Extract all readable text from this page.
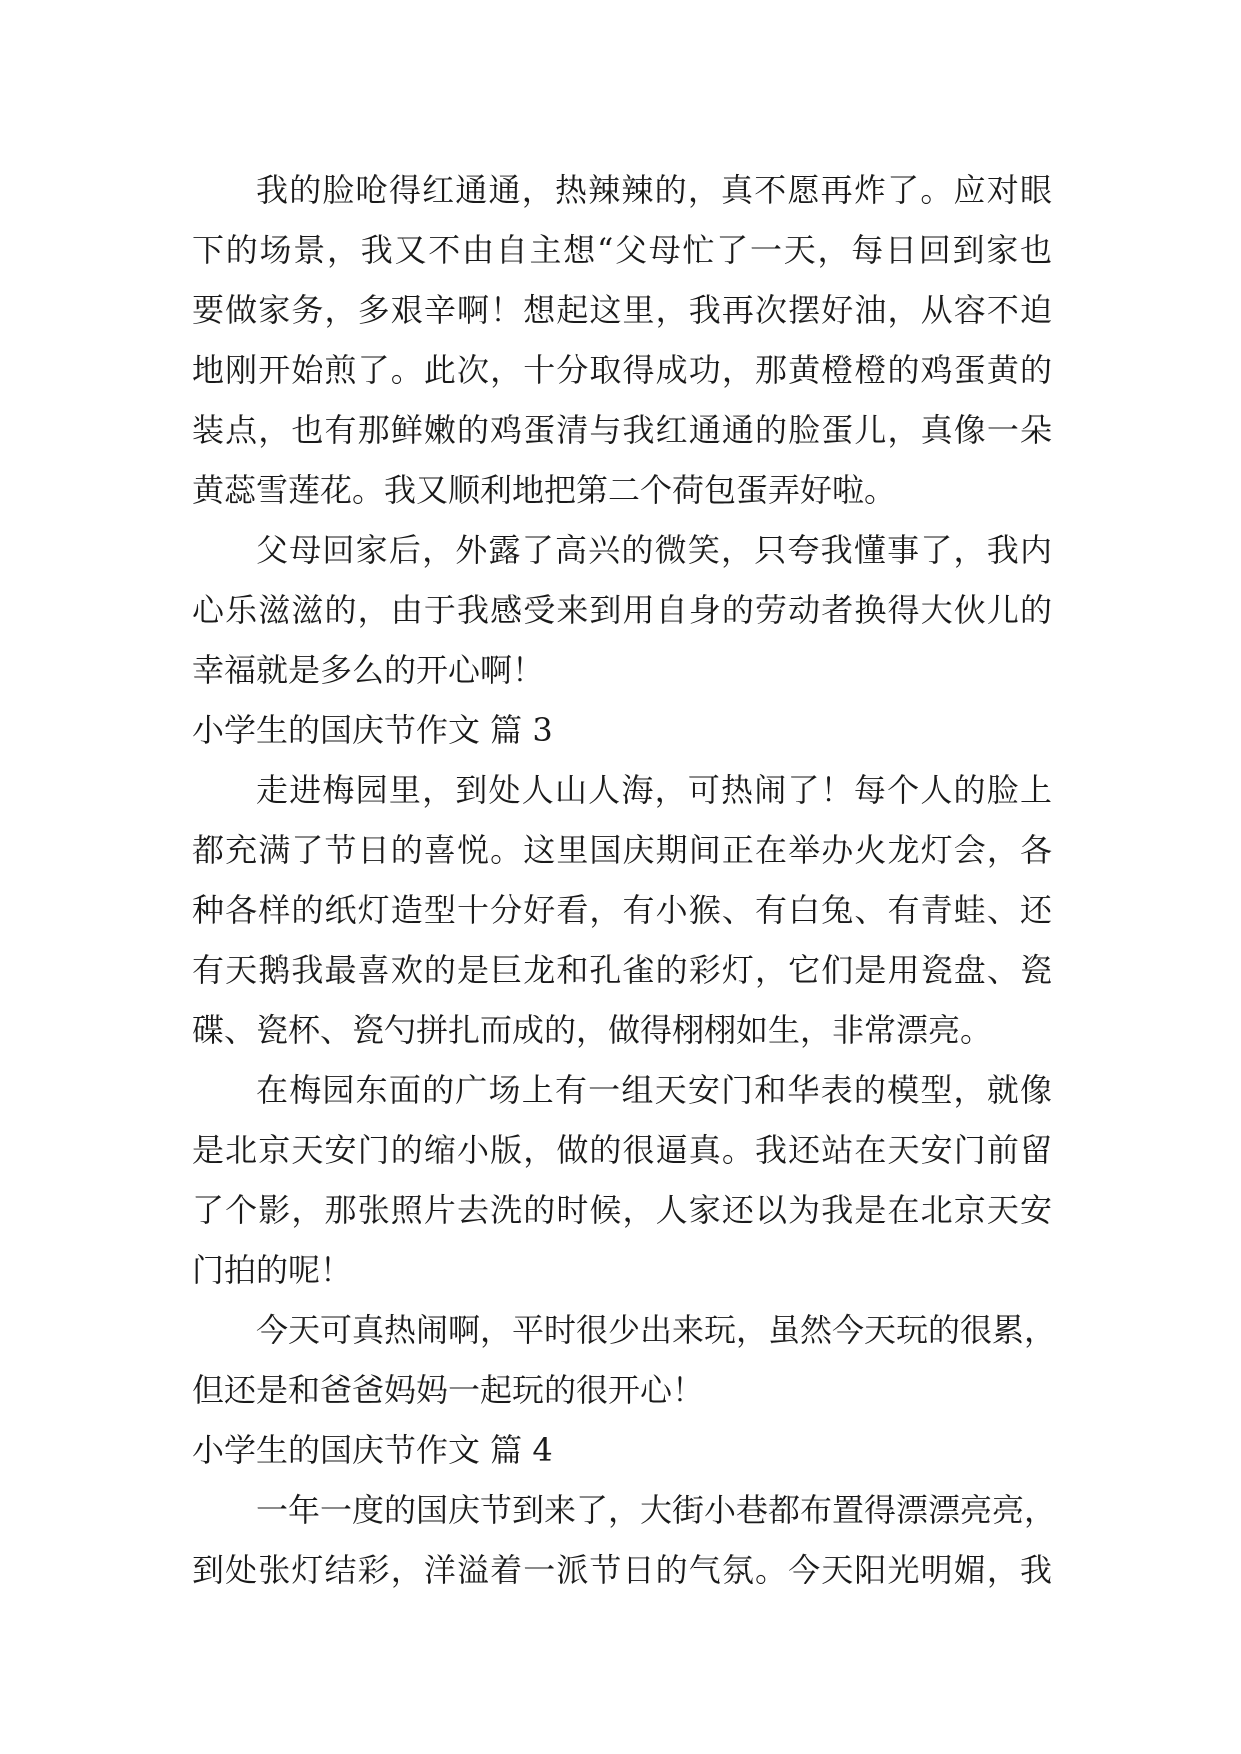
我的脸呛得红通通，热辣辣的，真不愿再炸了。应对眼
下的场景，我又不由自主想“父母忙了一天，每日回到家也
要做家务，多艰辛啊！想起这里，我再次摆好油，从容不迫
地刚开始煎了。此次，十分取得成功，那黄橙橙的鸡蛋黄的
装点，也有那鲜嫩的鸡蛋清与我红通通的脸蛋儿，真像一朵
黄蕊雪莲花。我又顺利地把第二个荷包蛋弄好啦。
父母回家后，外露了高兴的微笑，只夸我懂事了，我内
心乐滋滋的，由于我感受来到用自身的劳动者换得大伙儿的
幸福就是多么的开心啊！
小学生的国庆节作文 篇 3
走进梅园里，到处人山人海，可热闹了！每个人的脸上
都充满了节日的喜悦。这里国庆期间正在举办火龙灯会，各
种各样的纸灯造型十分好看，有小猴、有白兔、有青蛙、还
有天鹅我最喜欢的是巨龙和孔雀的彩灯，它们是用瓷盘、瓷
碟、瓷杯、瓷勺拼扎而成的，做得栩栩如生，非常漂亮。
在梅园东面的广场上有一组天安门和华表的模型，就像
是北京天安门的缩小版，做的很逼真。我还站在天安门前留
了个影，那张照片去洗的时候，人家还以为我是在北京天安
门拍的呢！
今天可真热闹啊，平时很少出来玩，虽然今天玩的很累，
但还是和爸爸妈妈一起玩的很开心！
小学生的国庆节作文 篇 4
一年一度的国庆节到来了，大街小巷都布置得漂漂亮亮，
到处张灯结彩，洋溢着一派节日的气氛。今天阳光明媚，我
